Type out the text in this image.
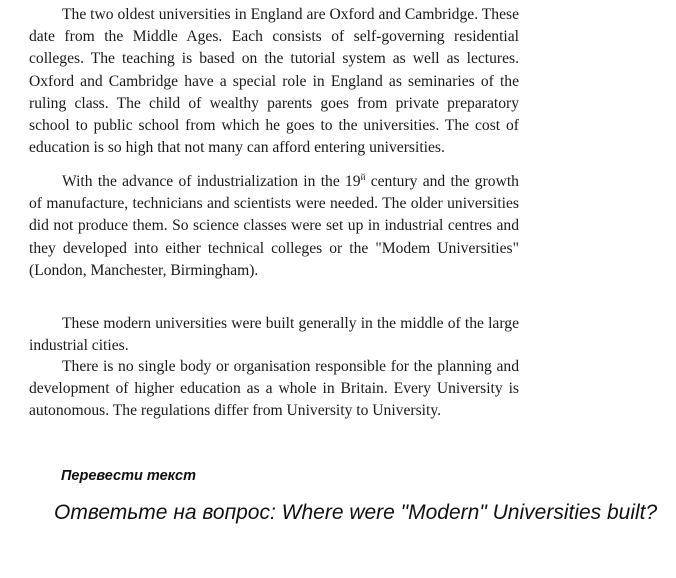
The two oldest universities in England are Oxford and Cambridge. These date from the Middle Ages. Each consists of self-governing residential colleges. The teaching is based on the tutorial system as well as lectures. Oxford and Cambridge have a special role in England as seminaries of the ruling class. The child of wealthy parents goes from private preparatory school to public school from which he goes to the universities. The cost of education is so high that not many can afford entering universities.

With the advance of industrialization in the $19^й$ century and the growth of manufacture, technicians and scientists were needed. The older universities did not produce them. So science classes were set up in industrial centres and they developed into either technical colleges or the "Modem Universities" (London, Manchester, Birmingham).

These modern universities were built generally in the middle of the large industrial cities.

There is no single body or organisation responsible for the planning and development of higher education as a whole in Britain. Every University is autonomous. The regulations differ from University to University.

Перевести текст
Ответьте на вопрос: Where were "Modern" Universities built?
